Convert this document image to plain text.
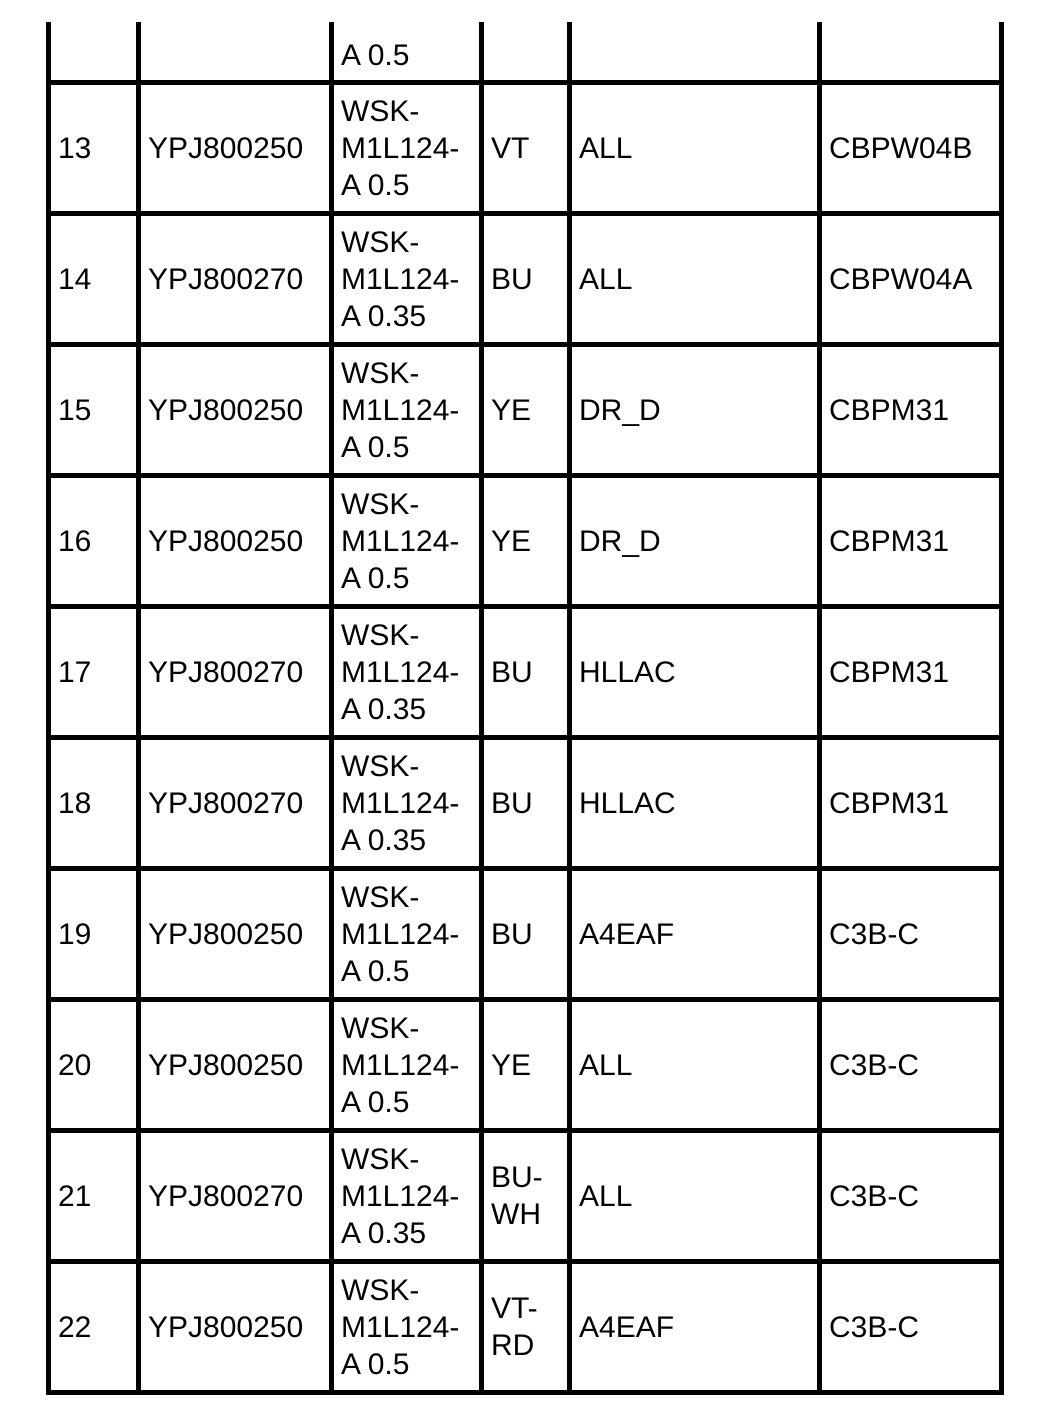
		A 0.5			
13	YPJ800250	WSK-
M1L124-
A 0.5	VT	ALL	CBPW04B
14	YPJ800270	WSK-
M1L124-
A 0.35	BU	ALL	CBPW04A
15	YPJ800250	WSK-
M1L124-
A 0.5	YE	DR_D	CBPM31
16	YPJ800250	WSK-
M1L124-
A 0.5	YE	DR_D	CBPM31
17	YPJ800270	WSK-
M1L124-
A 0.35	BU	HLLAC	CBPM31
18	YPJ800270	WSK-
M1L124-
A 0.35	BU	HLLAC	CBPM31
19	YPJ800250	WSK-
M1L124-
A 0.5	BU	A4EAF	C3B-C
20	YPJ800250	WSK-
M1L124-
A 0.5	YE	ALL	C3B-C
21	YPJ800270	WSK-
M1L124-
A 0.35	BU-
WH	ALL	C3B-C
22	YPJ800250	WSK-
M1L124-
A 0.5	VT-
RD	A4EAF	C3B-C
